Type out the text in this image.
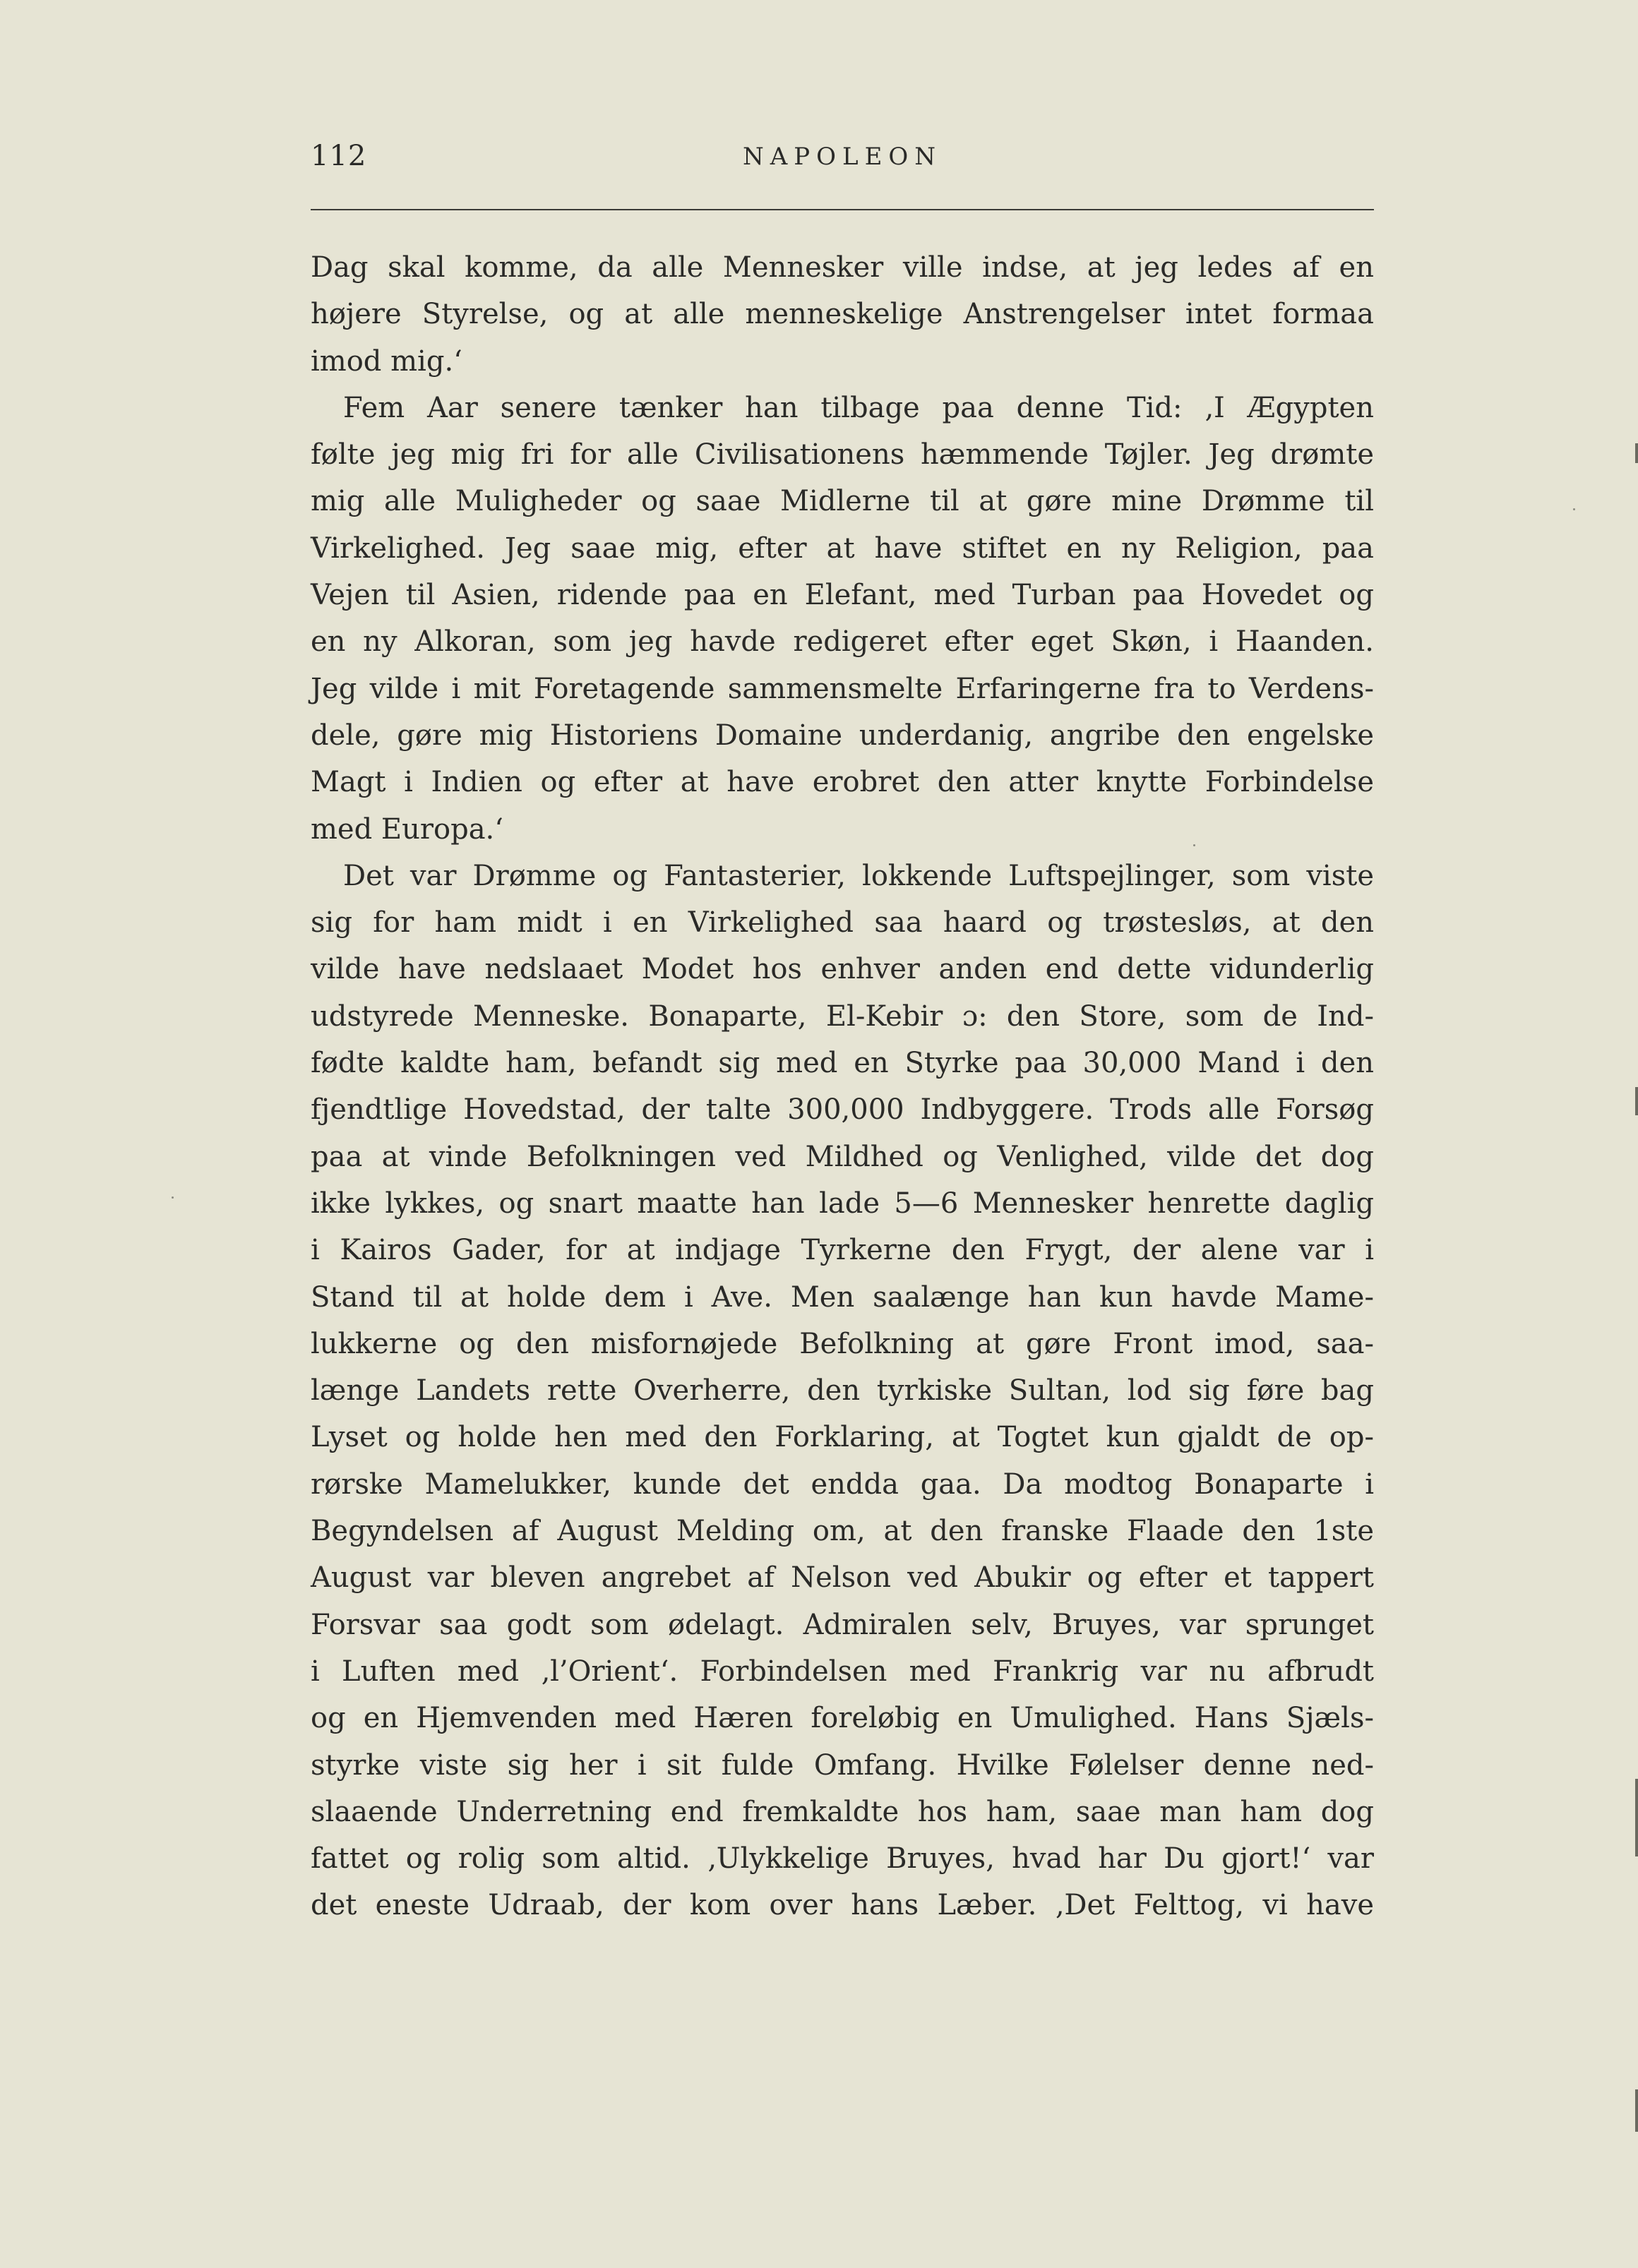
112	NAPOLEON
Dag skal komme, da alle Mennesker ville indse, at jeg ledes af en
højere Styrelse, og at alle menneskelige Anstrengelser intet formaa
imod mig.‘
Fem Aar senere tænker han tilbage paa denne Tid: ‚I Ægypten
følte jeg mig fri for alle Civilisationens hæmmende Tøjler. Jeg drømte
mig alle Muligheder og saae Midlerne til at gøre mine Drømme til
Virkelighed. Jeg saae mig, efter at have stiftet en ny Religion, paa
Vejen til Asien, ridende paa en Elefant, med Turban paa Hovedet og
en ny Alkoran, som jeg havde redigeret efter eget Skøn, i Haanden.
Jeg vilde i mit Foretagende sammensmelte Erfaringerne fra to Verdens-
dele, gøre mig Historiens Domaine underdanig, angribe den engelske
Magt i Indien og efter at have erobret den atter knytte Forbindelse
med Europa.‘
Det var Drømme og Fantasterier, lokkende Luftspejlinger, som viste
sig for ham midt i en Virkelighed saa haard og trøstesløs, at den
vilde have nedslaaet Modet hos enhver anden end dette vidunderlig
udstyrede Menneske. Bonaparte, El-Kebir ɔ: den Store, som de Ind-
fødte kaldte ham, befandt sig med en Styrke paa 30,000 Mand i den
fjendtlige Hovedstad, der talte 300,000 Indbyggere. Trods alle Forsøg
paa at vinde Befolkningen ved Mildhed og Venlighed, vilde det dog
ikke lykkes, og snart maatte han lade 5—6 Mennesker henrette daglig
i Kairos Gader, for at indjage Tyrkerne den Frygt, der alene var i
Stand til at holde dem i Ave. Men saalænge han kun havde Mame-
lukkerne og den misfornøjede Befolkning at gøre Front imod, saa-
længe Landets rette Overherre, den tyrkiske Sultan, lod sig føre bag
Lyset og holde hen med den Forklaring, at Togtet kun gjaldt de op-
rørske Mamelukker, kunde det endda gaa. Da modtog Bonaparte i
Begyndelsen af August Melding om, at den franske Flaade den 1ste
August var bleven angrebet af Nelson ved Abukir og efter et tappert
Forsvar saa godt som ødelagt. Admiralen selv, Bruyes, var sprunget
i Luften med ‚l’Orient‘. Forbindelsen med Frankrig var nu afbrudt
og en Hjemvenden med Hæren foreløbig en Umulighed. Hans Sjæls-
styrke viste sig her i sit fulde Omfang. Hvilke Følelser denne ned-
slaaende Underretning end fremkaldte hos ham, saae man ham dog
fattet og rolig som altid. ‚Ulykkelige Bruyes, hvad har Du gjort!‘ var
det eneste Udraab, der kom over hans Læber. ‚Det Felttog, vi have
